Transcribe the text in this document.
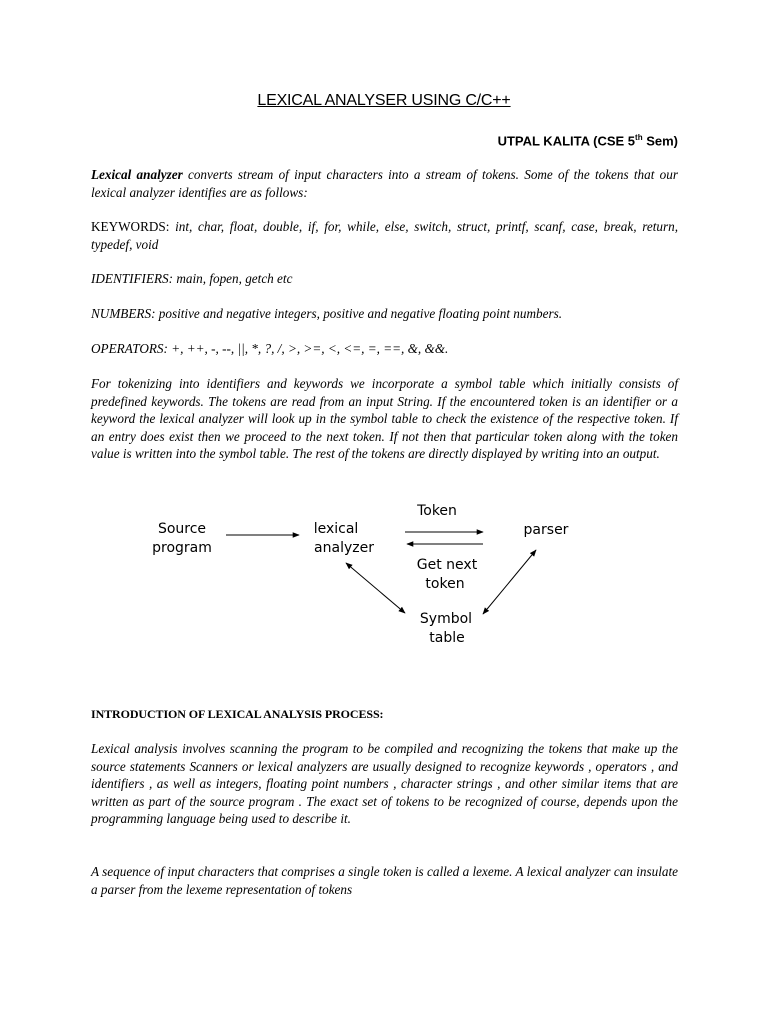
LEXICAL ANALYSER USING C/C++
UTPAL KALITA (CSE 5th Sem)
Lexical analyzer converts stream of input characters into a stream of tokens. Some of the tokens that our lexical analyzer identifies are as follows:
KEYWORDS: int, char, float, double, if, for, while, else, switch, struct, printf, scanf, case, break, return, typedef, void
IDENTIFIERS: main, fopen, getch etc
NUMBERS: positive and negative integers, positive and negative floating point numbers.
OPERATORS: +, ++, -, --, ||, *, ?, /, >, >=, <, <=, =, ==, &, &&.
For tokenizing into identifiers and keywords we incorporate a symbol table which initially consists of predefined keywords. The tokens are read from an input String. If the encountered token is an identifier or a keyword the lexical analyzer will look up in the symbol table to check the existence of the respective token. If an entry does exist then we proceed to the next token. If not then that particular token along with the token value is written into the symbol table. The rest of the tokens are directly displayed by writing into an output.
Source
program
lexical
analyzer
Token
parser
Get next
token
Symbol
table
INTRODUCTION OF LEXICAL ANALYSIS PROCESS:
Lexical analysis involves scanning the program to be compiled and recognizing the tokens that make up the source statements Scanners or lexical analyzers are usually designed to recognize keywords , operators , and identifiers , as well as integers, floating point numbers , character strings , and other similar items that are written as part of the source program . The exact set of tokens to be recognized of course, depends upon the programming language being used to describe it.
A sequence of input characters that comprises a single token is called a lexeme. A lexical analyzer can insulate a parser from the lexeme representation of tokens
